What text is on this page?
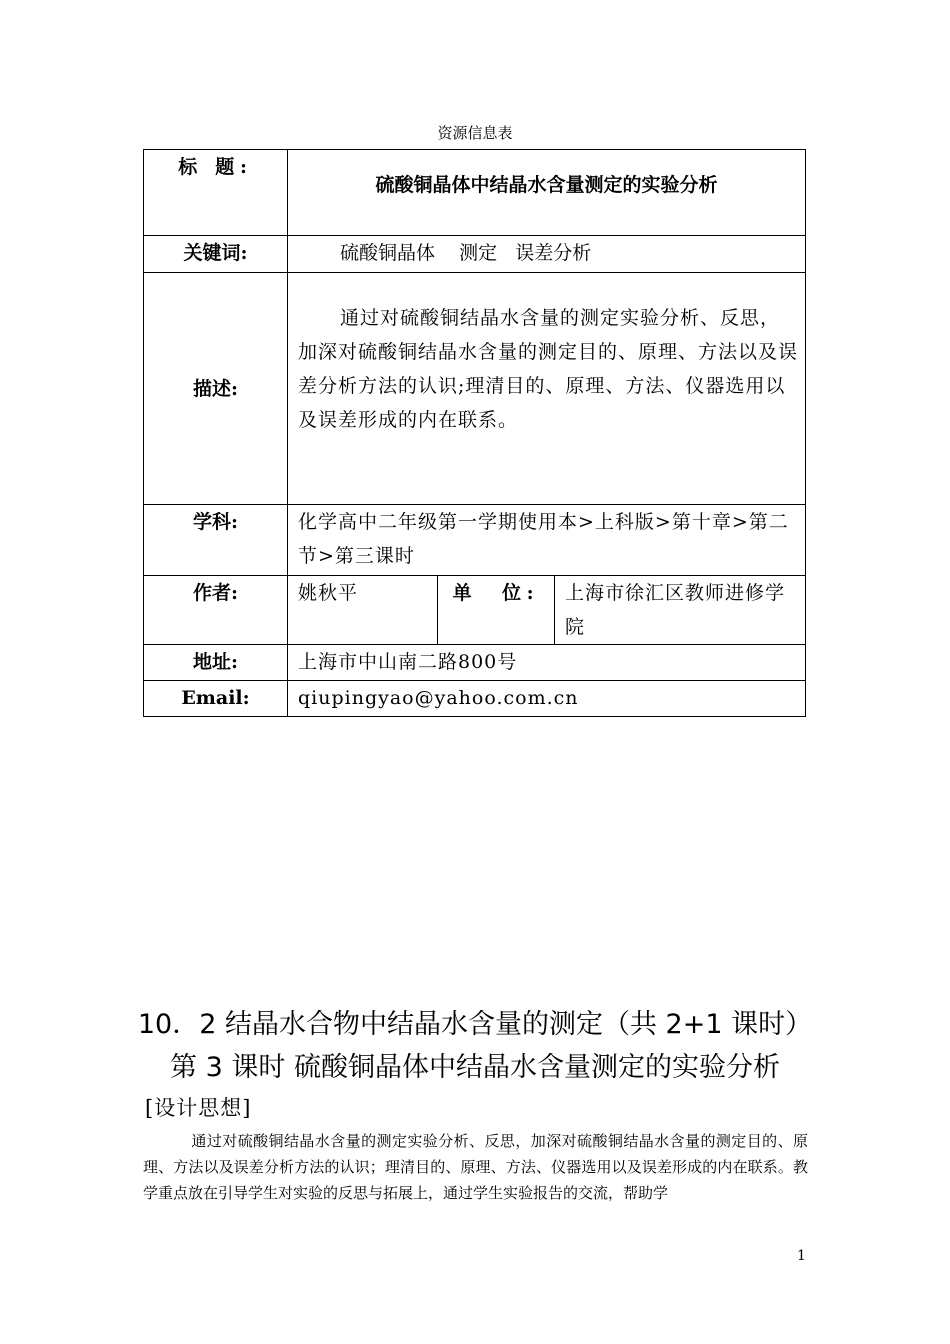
资源信息表
标 题:	硫酸铜晶体中结晶水含量测定的实验分析		
关键词:	硫酸铜晶体    测定   误差分析		
描述:	通过对硫酸铜结晶水含量的测定实验分析、反思，加深对硫酸铜结晶水含量的测定目的、原理、方法以及误差分析方法的认识;理清目的、原理、方法、仪器选用以及误差形成的内在联系。		
学科:	化学高中二年级第一学期使用本>上科版>第十章>第二节>第三课时		
作者:	姚秋平	单  位:	上海市徐汇区教师进修学院
地址:	上海市中山南二路800号		
Email:	qiupingyao@yahoo.com.cn		
10．2 结晶水合物中结晶水含量的测定（共 2+1 课时）
第 3 课时 硫酸铜晶体中结晶水含量测定的实验分析
[设计思想]
通过对硫酸铜结晶水含量的测定实验分析、反思，加深对硫酸铜结晶水含量的测定目的、原理、方法以及误差分析方法的认识；理清目的、原理、方法、仪器选用以及误差形成的内在联系。教学重点放在引导学生对实验的反思与拓展上，通过学生实验报告的交流，帮助学
1
